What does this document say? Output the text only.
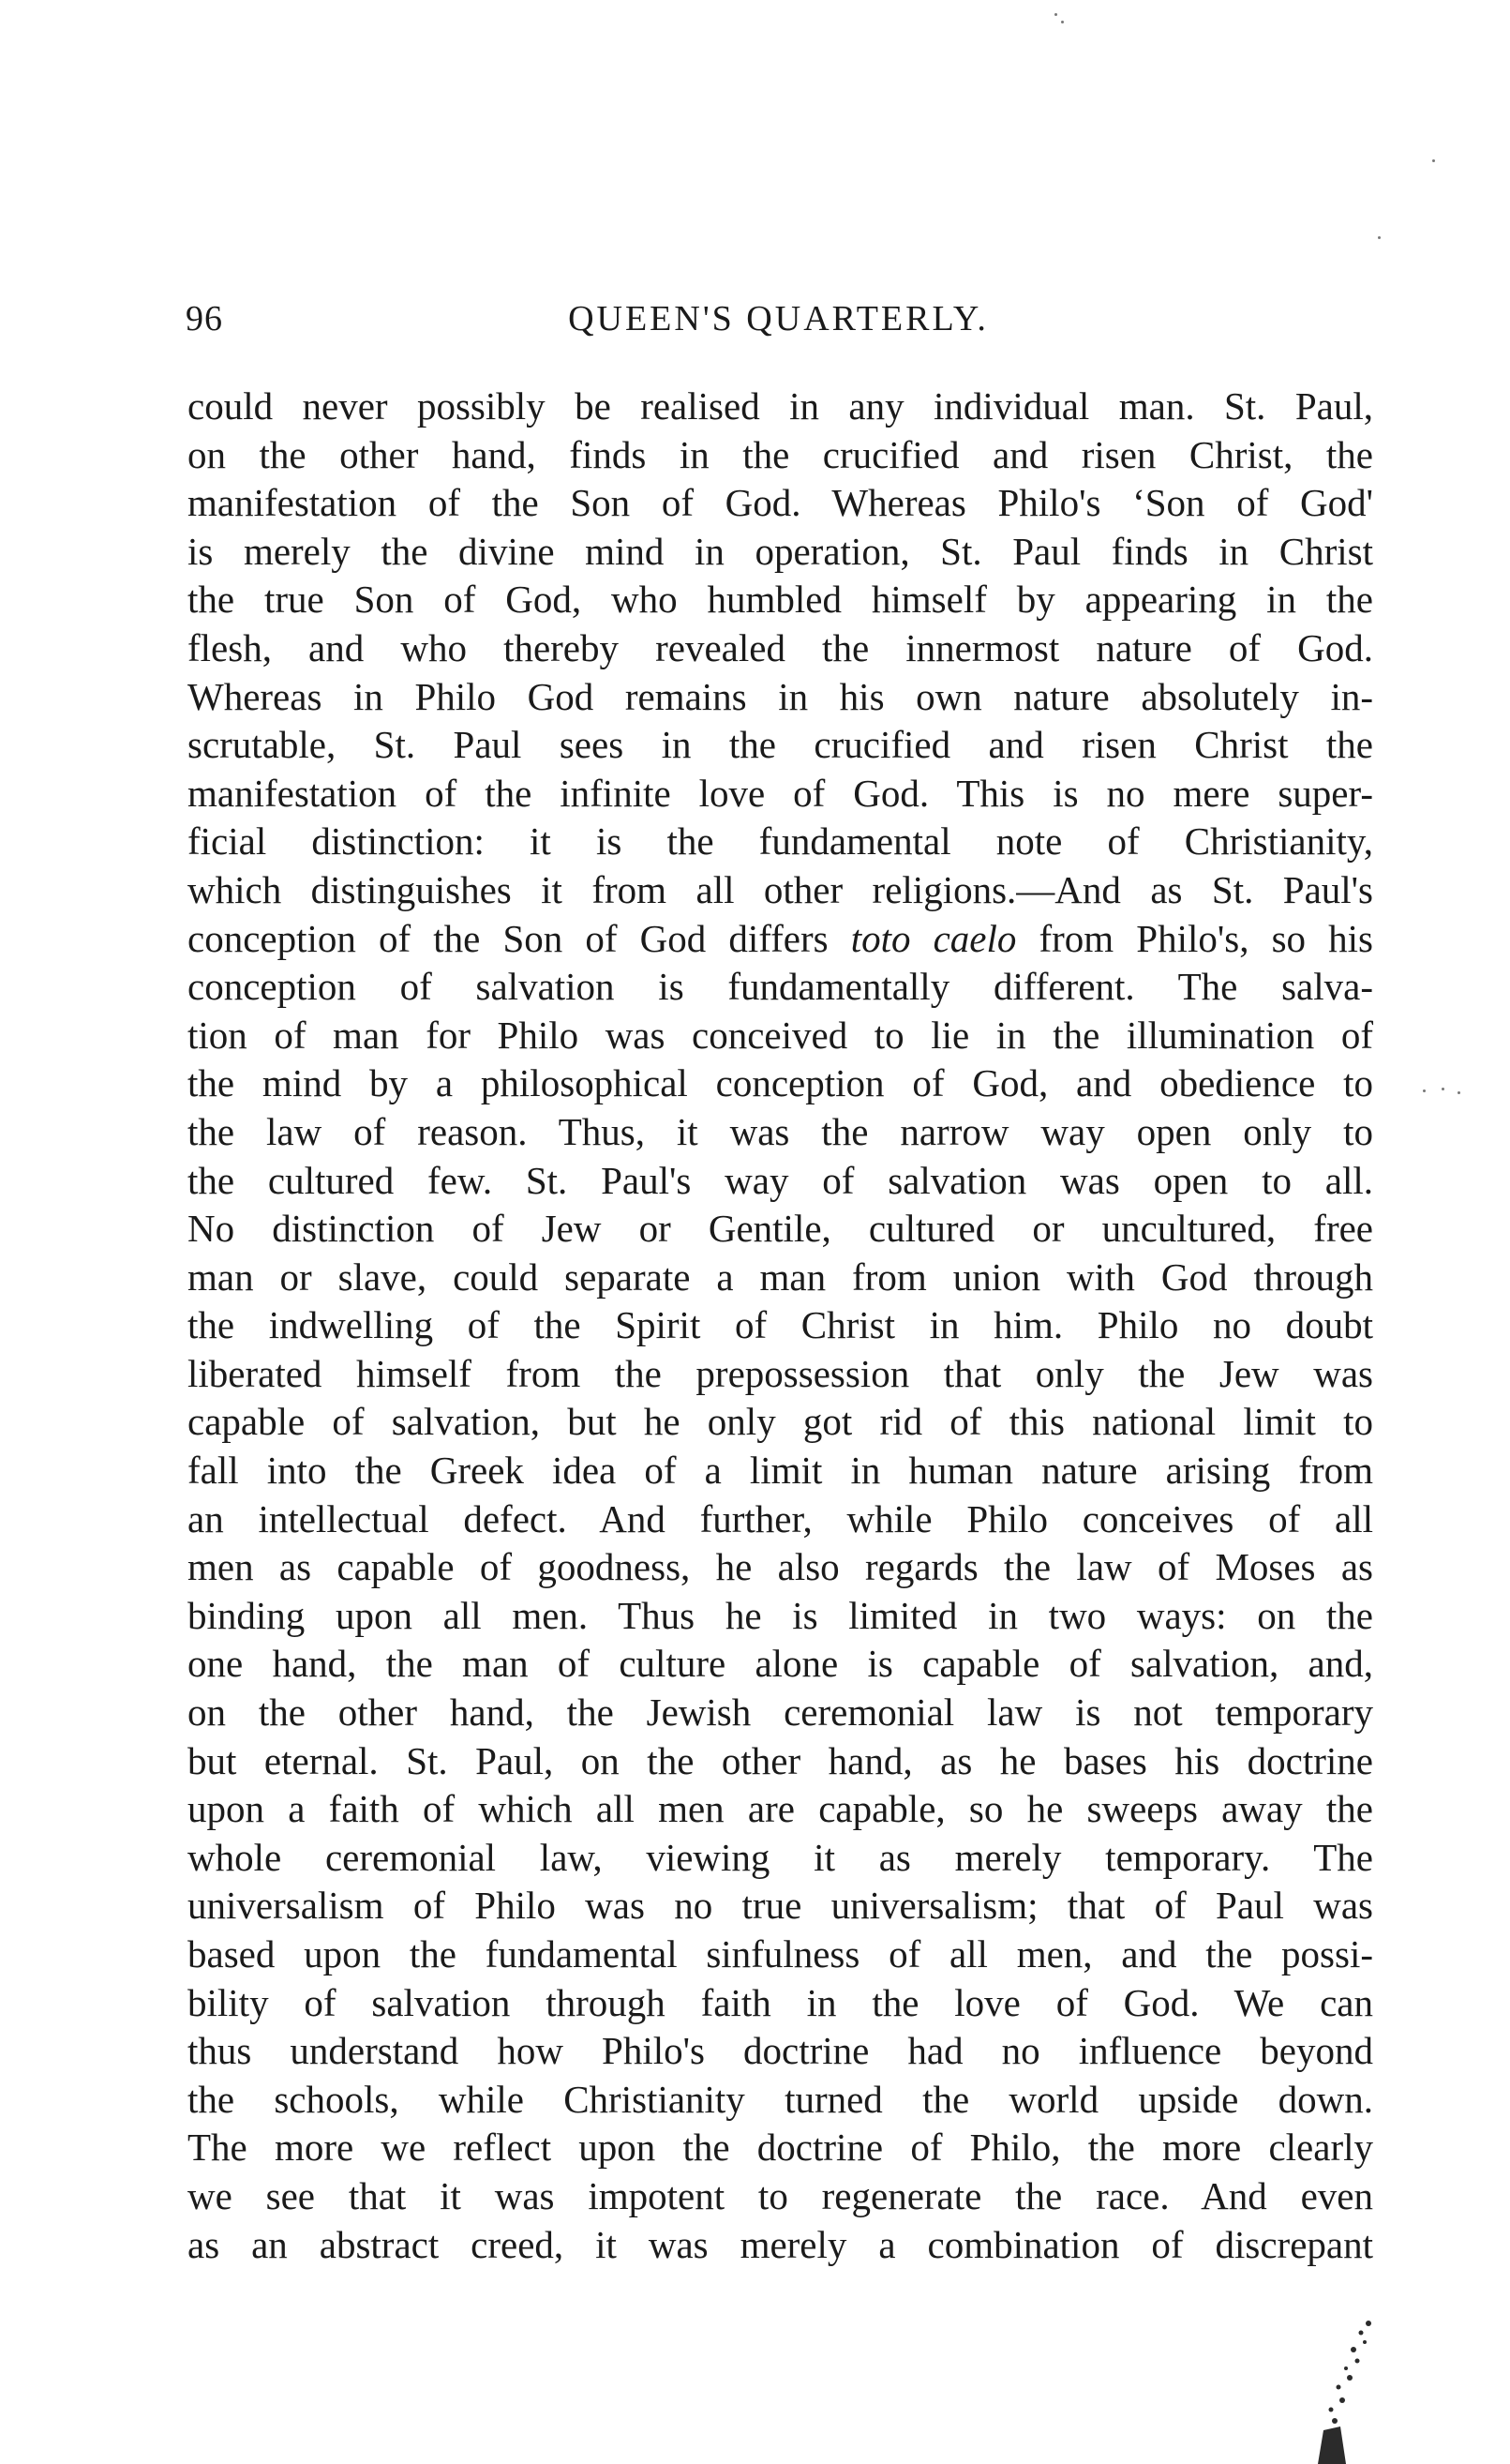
96	QUEEN'S QUARTERLY.
could never possibly be realised in any individual man. St. Paul,
on the other hand, finds in the crucified and risen Christ, the
manifestation of the Son of God. Whereas Philo's ‘Son of God'
is merely the divine mind in operation, St. Paul finds in Christ
the true Son of God, who humbled himself by appearing in the
flesh, and who thereby revealed the innermost nature of God.
Whereas in Philo God remains in his own nature absolutely in-
scrutable, St. Paul sees in the crucified and risen Christ the
manifestation of the infinite love of God. This is no mere super-
ficial distinction: it is the fundamental note of Christianity,
which distinguishes it from all other religions.—And as St. Paul's
conception of the Son of God differs toto caelo from Philo's, so his
conception of salvation is fundamentally different. The salva-
tion of man for Philo was conceived to lie in the illumination of
the mind by a philosophical conception of God, and obedience to
the law of reason. Thus, it was the narrow way open only to
the cultured few. St. Paul's way of salvation was open to all.
No distinction of Jew or Gentile, cultured or uncultured, free
man or slave, could separate a man from union with God through
the indwelling of the Spirit of Christ in him. Philo no doubt
liberated himself from the prepossession that only the Jew was
capable of salvation, but he only got rid of this national limit to
fall into the Greek idea of a limit in human nature arising from
an intellectual defect. And further, while Philo conceives of all
men as capable of goodness, he also regards the law of Moses as
binding upon all men. Thus he is limited in two ways: on the
one hand, the man of culture alone is capable of salvation, and,
on the other hand, the Jewish ceremonial law is not temporary
but eternal. St. Paul, on the other hand, as he bases his doctrine
upon a faith of which all men are capable, so he sweeps away the
whole ceremonial law, viewing it as merely temporary. The
universalism of Philo was no true universalism; that of Paul was
based upon the fundamental sinfulness of all men, and the possi-
bility of salvation through faith in the love of God. We can
thus understand how Philo's doctrine had no influence beyond
the schools, while Christianity turned the world upside down.
The more we reflect upon the doctrine of Philo, the more clearly
we see that it was impotent to regenerate the race. And even
as an abstract creed, it was merely a combination of discrepant
